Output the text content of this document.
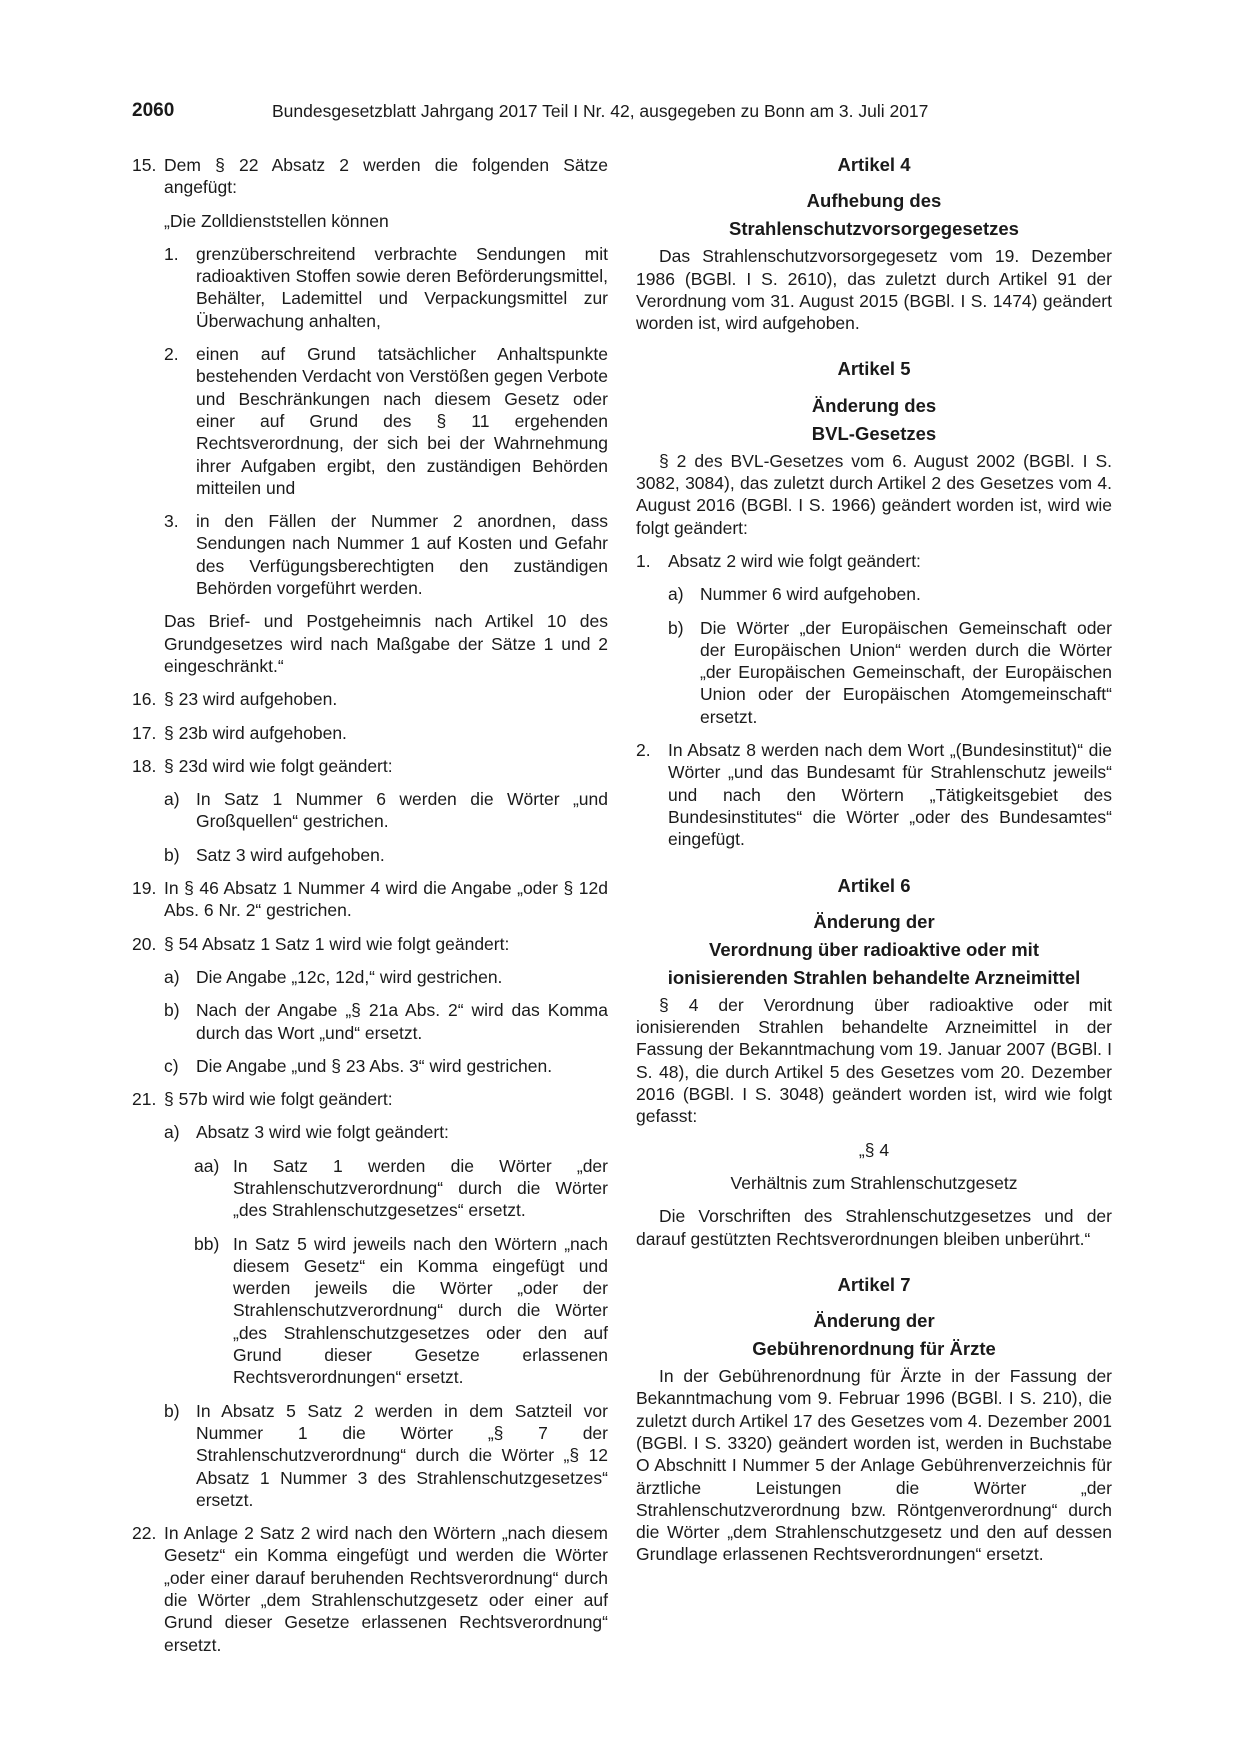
2060	Bundesgesetzblatt Jahrgang 2017 Teil I Nr. 42, ausgegeben zu Bonn am 3. Juli 2017
15. Dem § 22 Absatz 2 werden die folgenden Sätze angefügt:

„Die Zolldienststellen können

1. grenzüberschreitend verbrachte Sendungen mit radioaktiven Stoffen sowie deren Beförderungsmittel, Behälter, Lademittel und Verpackungsmittel zur Überwachung anhalten,
2. einen auf Grund tatsächlicher Anhaltspunkte bestehenden Verdacht von Verstößen gegen Verbote und Beschränkungen nach diesem Gesetz oder einer auf Grund des § 11 ergehenden Rechtsverordnung, der sich bei der Wahrnehmung ihrer Aufgaben ergibt, den zuständigen Behörden mitteilen und
3. in den Fällen der Nummer 2 anordnen, dass Sendungen nach Nummer 1 auf Kosten und Gefahr des Verfügungsberechtigten den zuständigen Behörden vorgeführt werden.

Das Brief- und Postgeheimnis nach Artikel 10 des Grundgesetzes wird nach Maßgabe der Sätze 1 und 2 eingeschränkt.“

16. § 23 wird aufgehoben.
17. § 23b wird aufgehoben.
18. § 23d wird wie folgt geändert:
a) In Satz 1 Nummer 6 werden die Wörter „und Großquellen“ gestrichen.
b) Satz 3 wird aufgehoben.
19. In § 46 Absatz 1 Nummer 4 wird die Angabe „oder § 12d Abs. 6 Nr. 2“ gestrichen.
20. § 54 Absatz 1 Satz 1 wird wie folgt geändert:
a) Die Angabe „12c, 12d,“ wird gestrichen.
b) Nach der Angabe „§ 21a Abs. 2“ wird das Komma durch das Wort „und“ ersetzt.
c) Die Angabe „und § 23 Abs. 3“ wird gestrichen.
21. § 57b wird wie folgt geändert:
a) Absatz 3 wird wie folgt geändert:
aa) In Satz 1 werden die Wörter „der Strahlenschutzverordnung“ durch die Wörter „des Strahlenschutzgesetzes“ ersetzt.
bb) In Satz 5 wird jeweils nach den Wörtern „nach diesem Gesetz“ ein Komma eingefügt und werden jeweils die Wörter „oder der Strahlenschutzverordnung“ durch die Wörter „des Strahlenschutzgesetzes oder den auf Grund dieser Gesetze erlassenen Rechtsverordnungen“ ersetzt.
b) In Absatz 5 Satz 2 werden in dem Satzteil vor Nummer 1 die Wörter „§ 7 der Strahlenschutzverordnung“ durch die Wörter „§ 12 Absatz 1 Nummer 3 des Strahlenschutzgesetzes“ ersetzt.
22. In Anlage 2 Satz 2 wird nach den Wörtern „nach diesem Gesetz“ ein Komma eingefügt und werden die Wörter „oder einer darauf beruhenden Rechtsverordnung“ durch die Wörter „dem Strahlenschutzgesetz oder einer auf Grund dieser Gesetze erlassenen Rechtsverordnung“ ersetzt.

Artikel 4

Aufhebung des

Strahlenschutzvorsorgegesetzes

Das Strahlenschutzvorsorgegesetz vom 19. Dezember 1986 (BGBl. I S. 2610), das zuletzt durch Artikel 91 der Verordnung vom 31. August 2015 (BGBl. I S. 1474) geändert worden ist, wird aufgehoben.

Artikel 5

Änderung des

BVL-Gesetzes

§ 2 des BVL-Gesetzes vom 6. August 2002 (BGBl. I S. 3082, 3084), das zuletzt durch Artikel 2 des Gesetzes vom 4. August 2016 (BGBl. I S. 1966) geändert worden ist, wird wie folgt geändert:

1. Absatz 2 wird wie folgt geändert:
a) Nummer 6 wird aufgehoben.
b) Die Wörter „der Europäischen Gemeinschaft oder der Europäischen Union“ werden durch die Wörter „der Europäischen Gemeinschaft, der Europäischen Union oder der Europäischen Atomgemeinschaft“ ersetzt.
2. In Absatz 8 werden nach dem Wort „(Bundesinstitut)“ die Wörter „und das Bundesamt für Strahlenschutz jeweils“ und nach den Wörtern „Tätigkeitsgebiet des Bundesinstitutes“ die Wörter „oder des Bundesamtes“ eingefügt.

Artikel 6

Änderung der

Verordnung über radioaktive oder mit

ionisierenden Strahlen behandelte Arzneimittel

§ 4 der Verordnung über radioaktive oder mit ionisierenden Strahlen behandelte Arzneimittel in der Fassung der Bekanntmachung vom 19. Januar 2007 (BGBl. I S. 48), die durch Artikel 5 des Gesetzes vom 20. Dezember 2016 (BGBl. I S. 3048) geändert worden ist, wird wie folgt gefasst:

„§ 4

Verhältnis zum Strahlenschutzgesetz

Die Vorschriften des Strahlenschutzgesetzes und der darauf gestützten Rechtsverordnungen bleiben unberührt.“

Artikel 7

Änderung der

Gebührenordnung für Ärzte

In der Gebührenordnung für Ärzte in der Fassung der Bekanntmachung vom 9. Februar 1996 (BGBl. I S. 210), die zuletzt durch Artikel 17 des Gesetzes vom 4. Dezember 2001 (BGBl. I S. 3320) geändert worden ist, werden in Buchstabe O Abschnitt I Nummer 5 der Anlage Gebührenverzeichnis für ärztliche Leistungen die Wörter „der Strahlenschutzverordnung bzw. Röntgenverordnung“ durch die Wörter „dem Strahlenschutzgesetz und den auf dessen Grundlage erlassenen Rechtsverordnungen“ ersetzt.
